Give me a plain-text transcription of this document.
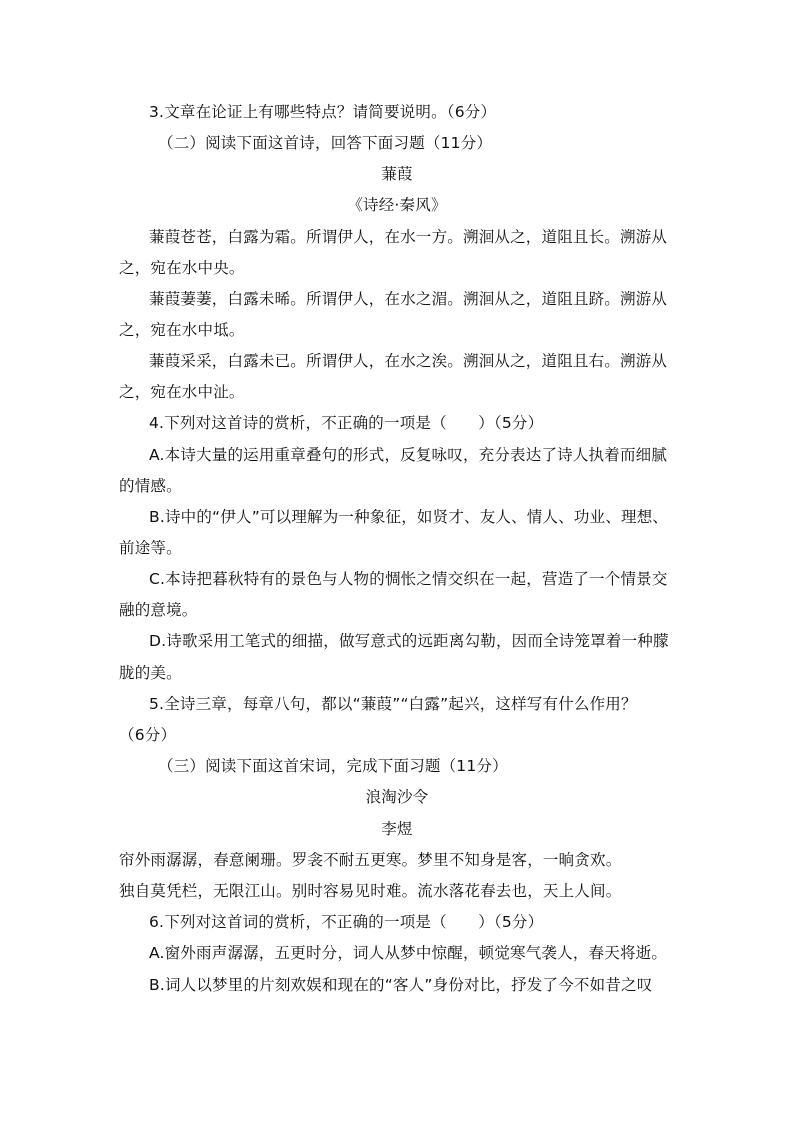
3.文章在论证上有哪些特点？请简要说明。（6分）
（二）阅读下面这首诗，回答下面习题（11分）
蒹葭
《诗经·秦风》
蒹葭苍苍，白露为霜。所谓伊人，在水一方。溯洄从之，道阻且长。溯游从
之，宛在水中央。
蒹葭萋萋，白露未晞。所谓伊人，在水之湄。溯洄从之，道阻且跻。溯游从
之，宛在水中坻。
蒹葭采采，白露未已。所谓伊人，在水之涘。溯洄从之，道阻且右。溯游从
之，宛在水中沚。
4.下列对这首诗的赏析，不正确的一项是（　　）（5分）
A.本诗大量的运用重章叠句的形式，反复咏叹，充分表达了诗人执着而细腻
的情感。
B.诗中的“伊人”可以理解为一种象征，如贤才、友人、情人、功业、理想、
前途等。
C.本诗把暮秋特有的景色与人物的惆怅之情交织在一起，营造了一个情景交
融的意境。
D.诗歌采用工笔式的细描，做写意式的远距离勾勒，因而全诗笼罩着一种朦
胧的美。
5.全诗三章，每章八句，都以“蒹葭”“白露”起兴，这样写有什么作用？
（6分）
（三）阅读下面这首宋词，完成下面习题（11分）
浪淘沙令
李煜
帘外雨潺潺，春意阑珊。罗衾不耐五更寒。梦里不知身是客，一晌贪欢。
独自莫凭栏，无限江山。别时容易见时难。流水落花春去也，天上人间。
6.下列对这首词的赏析，不正确的一项是（　　）（5分）
A.窗外雨声潺潺，五更时分，词人从梦中惊醒，顿觉寒气袭人，春天将逝。
B.词人以梦里的片刻欢娱和现在的“客人”身份对比，抒发了今不如昔之叹
